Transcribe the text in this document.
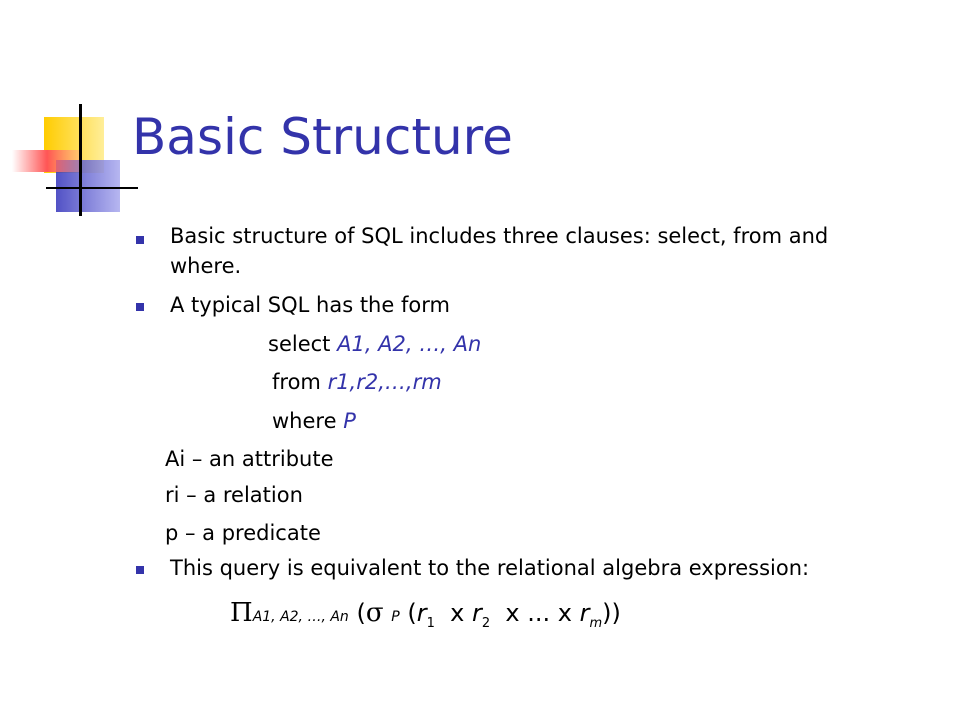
Basic Structure
Basic structure of SQL includes three clauses: select, from and
where.
A typical SQL has the form
select A1, A2, …, An
from r1,r2,…,rm
where P
Ai – an attribute
ri – a relation
p – a predicate
This query is equivalent to the relational algebra expression:
ΠA1, A2, …, An (σ P ($r_1$ x $r_2$ x ... x $r_m$))
